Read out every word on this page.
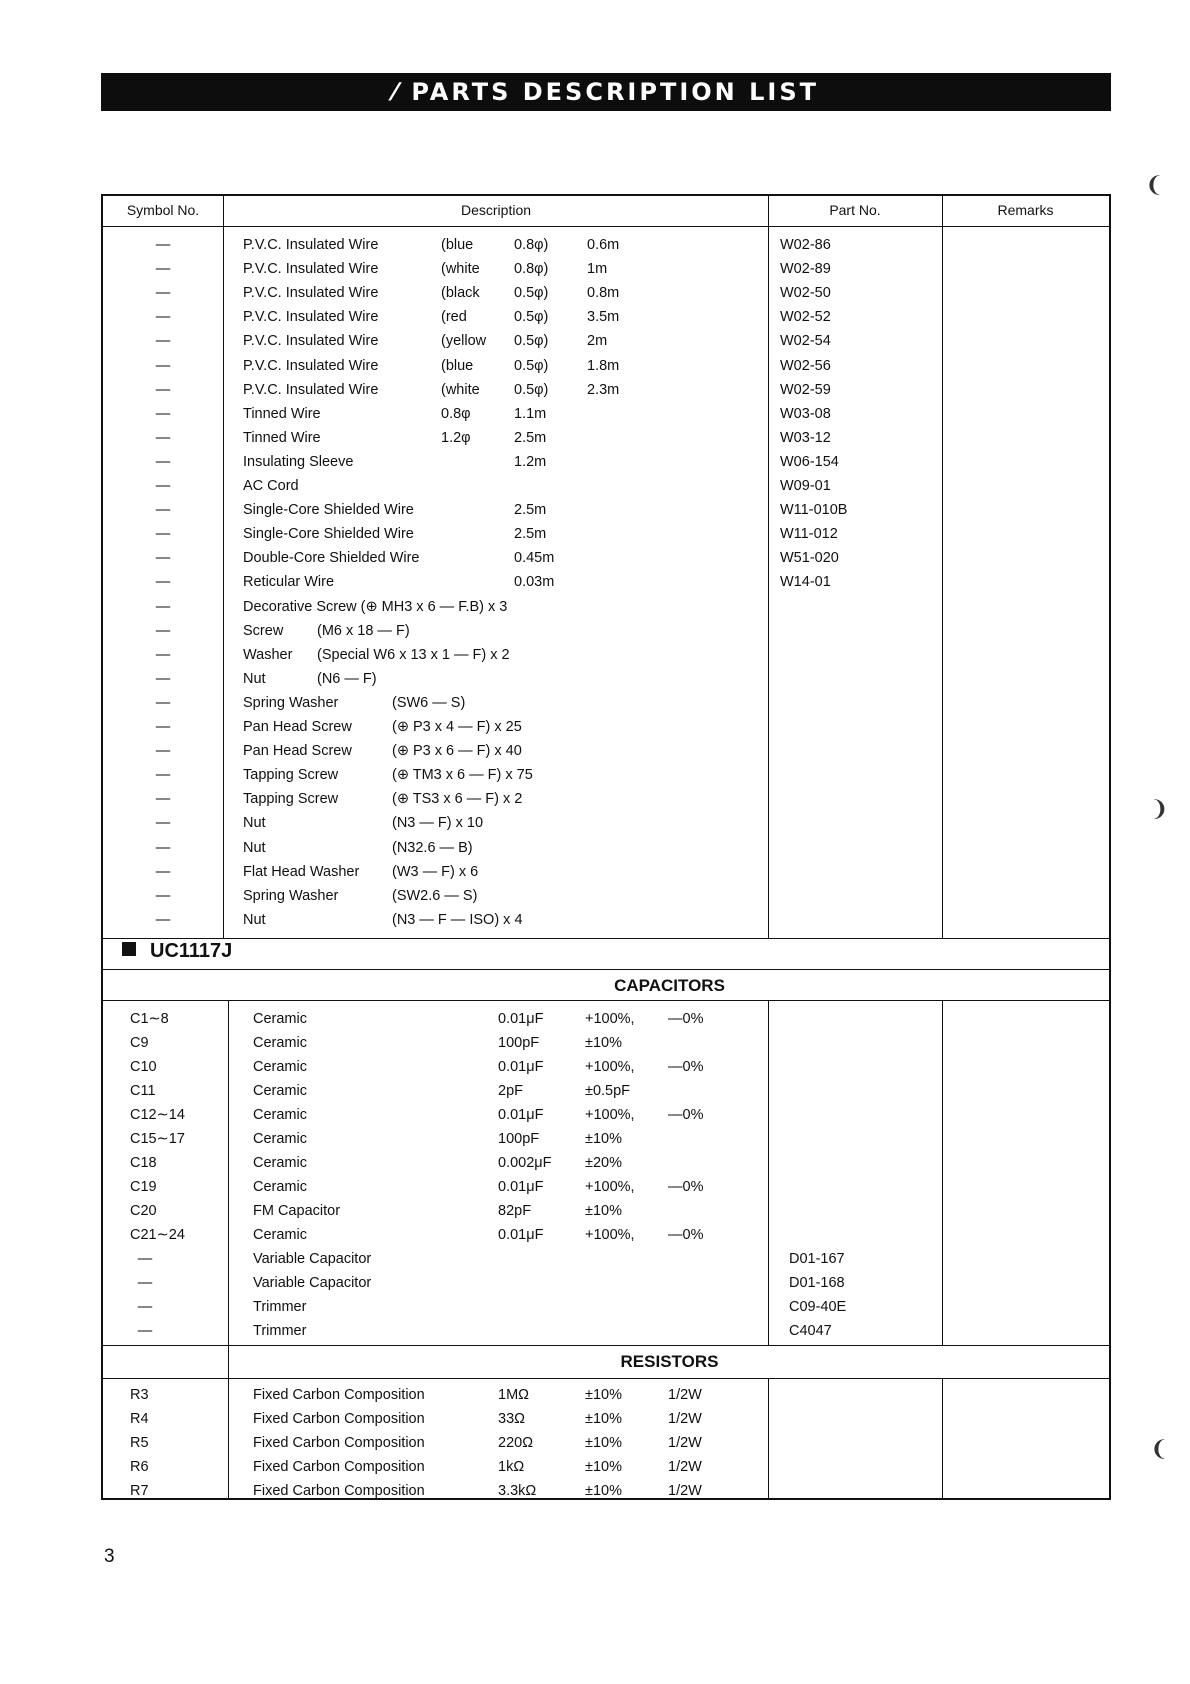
⁄ PARTS DESCRIPTION LIST
Symbol No.	Description	Part No.	Remarks
—	P.V.C. Insulated Wire	(blue	0.8φ)	0.6m	W02-86
—	P.V.C. Insulated Wire	(white 0.8φ)	1m	W02-89
—	P.V.C. Insulated Wire	(black 0.5φ)	0.8m	W02-50
—	P.V.C. Insulated Wire	(red	0.5φ)	3.5m	W02-52
—	P.V.C. Insulated Wire	(yellow 0.5φ)	2m	W02-54
—	P.V.C. Insulated Wire	(blue	0.5φ)	1.8m	W02-56
—	P.V.C. Insulated Wire	(white 0.5φ)	2.3m	W02-59
—	Tinned Wire	0.8φ	1.1m	W03-08
—	Tinned Wire	1.2φ	2.5m	W03-12
—	Insulating Sleeve	1.2m	W06-154
—	AC Cord	W09-01
—	Single-Core Shielded Wire	2.5m	W11-010B
—	Single-Core Shielded Wire	2.5m	W11-012
—	Double-Core Shielded Wire	0.45m	W51-020
—	Reticular Wire	0.03m	W14-01
—	Decorative Screw (⊕ MH3 x 6 — F.B) x 3
—	Screw (M6 x 18 — F)
—	Washer (Special W6 x 13 x 1 — F) x 2
—	Nut	(N6 — F)
—	Spring Washer	(SW6 — S)
—	Pan Head Screw	(⊕ P3 x 4 — F) x 25
—	Pan Head Screw	(⊕ P3 x 6 — F) x 40
—	Tapping Screw	(⊕ TM3 x 6 — F) x 75
—	Tapping Screw	(⊕ TS3 x 6 — F) x 2
—	Nut	(N3 — F) x 10
—	Nut	(N32.6 — B)
—	Flat Head Washer (W3 — F) x 6
—	Spring Washer	(SW2.6 — S)
—	Nut	(N3 — F — ISO) x 4
UC1117J
CAPACITORS
C1∼8	Ceramic	0.01μF	+100%, —0%
C9	Ceramic	100pF	±10%
C10	Ceramic	0.01μF	+100%, —0%
C11	Ceramic	2pF	±0.5pF
C12∼14	Ceramic	0.01μF	+100%, —0%
C15∼17	Ceramic	100pF	±10%
C18	Ceramic	0.002μF ±20%
C19	Ceramic	0.01μF	+100%, —0%
C20	FM Capacitor	82pF	±10%
C21∼24	Ceramic	0.01μF	+100%, —0%
—	Variable Capacitor	D01-167
—	Variable Capacitor	D01-168
—	Trimmer	C09-40E
—	Trimmer	C4047
RESISTORS
R3	Fixed Carbon Composition	1MΩ	±10%	1/2W
R4	Fixed Carbon Composition	33Ω	±10%	1/2W
R5	Fixed Carbon Composition	220Ω	±10%	1/2W
R6	Fixed Carbon Composition	1kΩ	±10%	1/2W
R7	Fixed Carbon Composition	3.3kΩ	±10%	1/2W
3
❨
❩
❨
